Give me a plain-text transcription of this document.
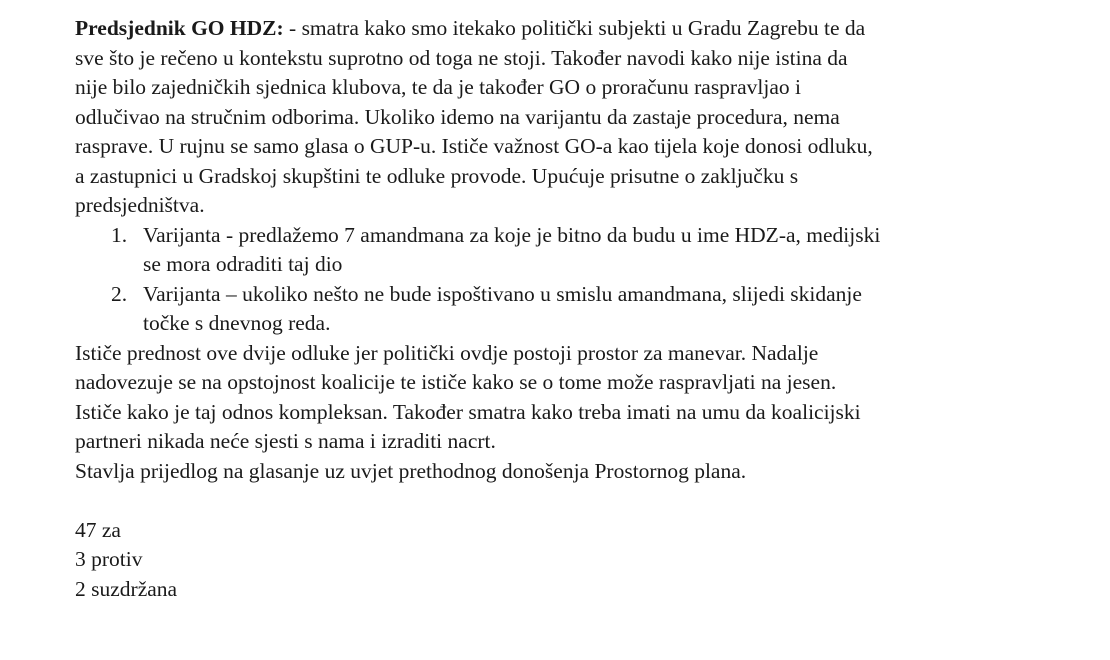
Predsjednik GO HDZ: - smatra kako smo itekako politički subjekti u Gradu Zagrebu te da
sve što je rečeno u kontekstu suprotno od toga ne stoji. Također navodi kako nije istina da
nije bilo zajedničkih sjednica klubova, te da je također GO o proračunu raspravljao i
odlučivao na stručnim odborima. Ukoliko idemo na varijantu da zastaje procedura, nema
rasprave. U rujnu se samo glasa o GUP-u. Ističe važnost GO-a kao tijela koje donosi odluku,
a zastupnici u Gradskoj skupštini te odluke provode. Upućuje prisutne o zaključku s
predsjedništva.
1. Varijanta - predlažemo 7 amandmana za koje je bitno da budu u ime HDZ-a, medijski
se mora odraditi taj dio
2. Varijanta – ukoliko nešto ne bude ispoštivano u smislu amandmana, slijedi skidanje
točke s dnevnog reda.
Ističe prednost ove dvije odluke jer politički ovdje postoji prostor za manevar. Nadalje
nadovezuje se na opstojnost koalicije te ističe kako se o tome može raspravljati na jesen.
Ističe kako je taj odnos kompleksan. Također smatra kako treba imati na umu da koalicijski
partneri nikada neće sjesti s nama i izraditi nacrt.
Stavlja prijedlog na glasanje uz uvjet prethodnog donošenja Prostornog plana.
47 za
3 protiv
2 suzdržana
